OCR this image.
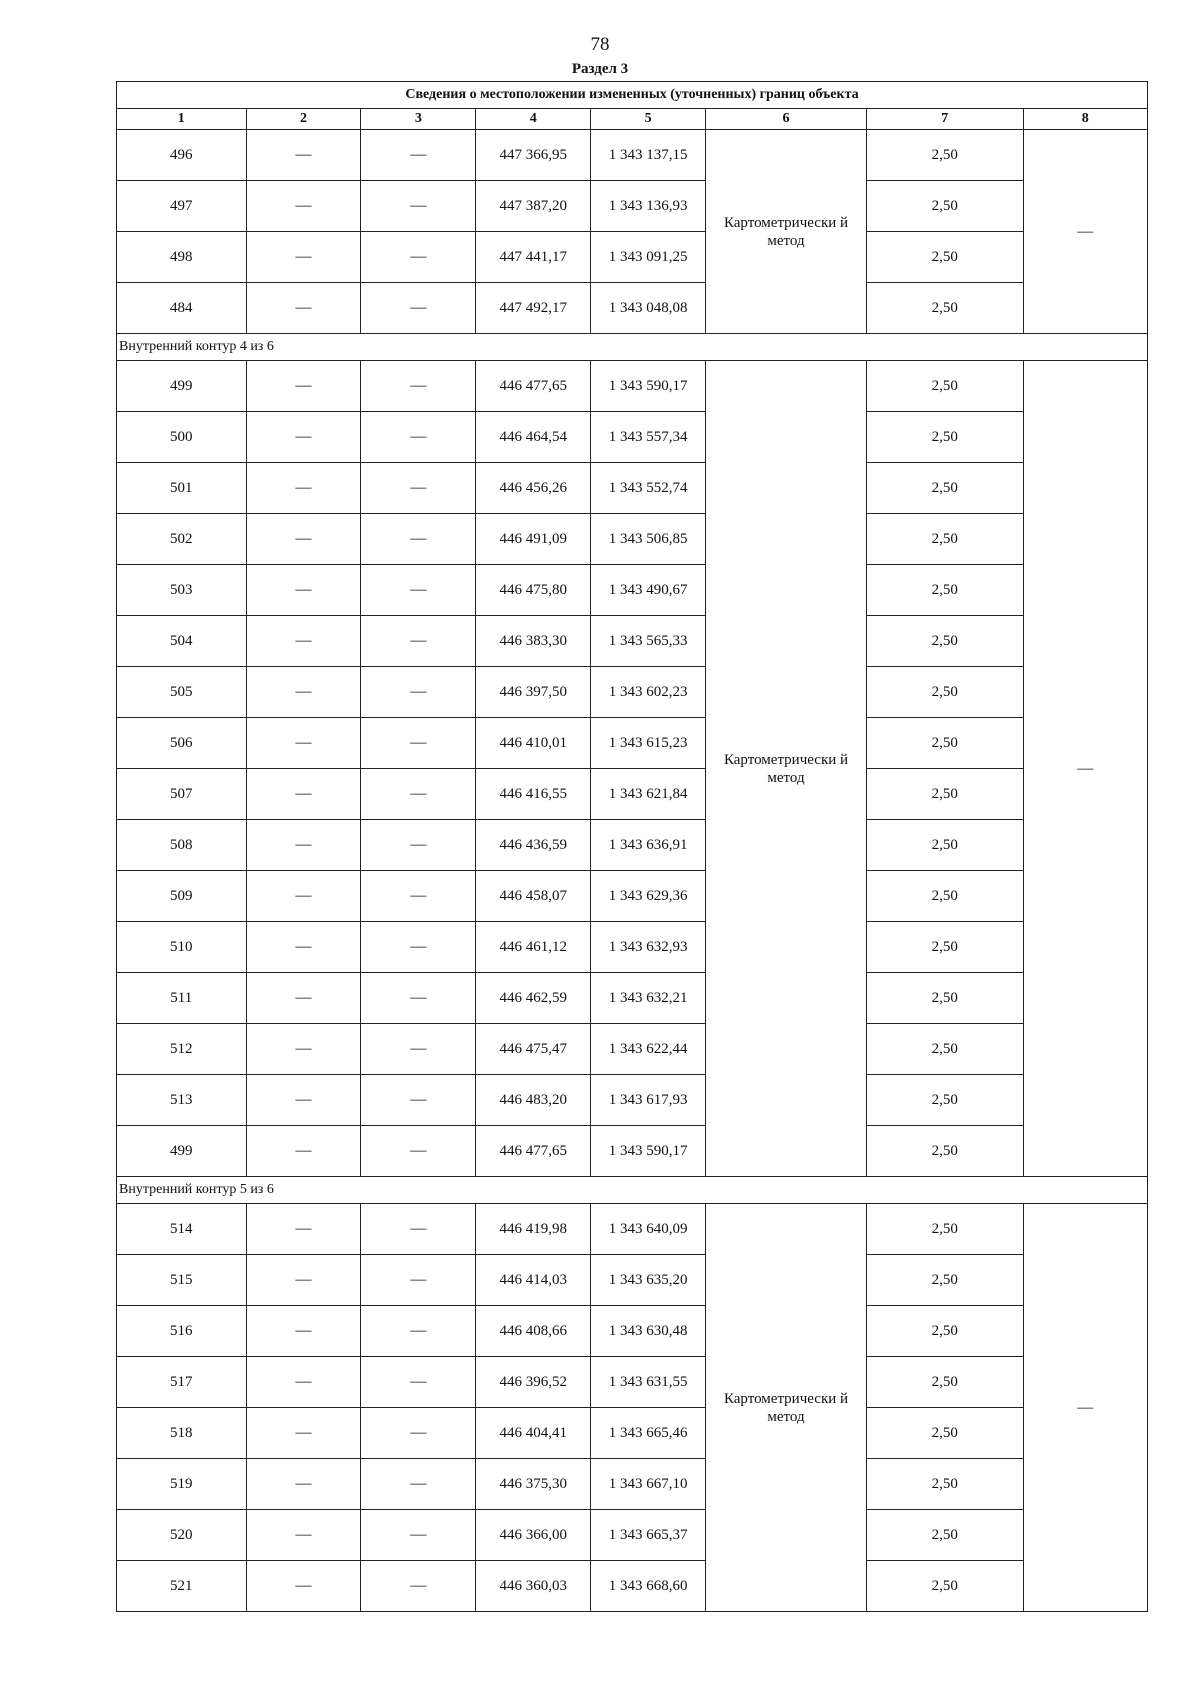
78
Раздел 3
Сведения о местоположении измененных (уточненных) границ объекта							
1	2	3	4	5	6	7	8
496	—	—	447 366,95	1 343 137,15	Картометрически й метод	2,50	—
497	—	—	447 387,20	1 343 136,93		2,50	
498	—	—	447 441,17	1 343 091,25		2,50	
484	—	—	447 492,17	1 343 048,08		2,50	
Внутренний контур 4 из 6							
499	—	—	446 477,65	1 343 590,17	Картометрически й метод	2,50	—
500	—	—	446 464,54	1 343 557,34		2,50	
501	—	—	446 456,26	1 343 552,74		2,50	
502	—	—	446 491,09	1 343 506,85		2,50	
503	—	—	446 475,80	1 343 490,67		2,50	
504	—	—	446 383,30	1 343 565,33		2,50	
505	—	—	446 397,50	1 343 602,23		2,50	
506	—	—	446 410,01	1 343 615,23		2,50	
507	—	—	446 416,55	1 343 621,84		2,50	
508	—	—	446 436,59	1 343 636,91		2,50	
509	—	—	446 458,07	1 343 629,36		2,50	
510	—	—	446 461,12	1 343 632,93		2,50	
511	—	—	446 462,59	1 343 632,21		2,50	
512	—	—	446 475,47	1 343 622,44		2,50	
513	—	—	446 483,20	1 343 617,93		2,50	
499	—	—	446 477,65	1 343 590,17		2,50	
Внутренний контур 5 из 6							
514	—	—	446 419,98	1 343 640,09	Картометрически й метод	2,50	—
515	—	—	446 414,03	1 343 635,20		2,50	
516	—	—	446 408,66	1 343 630,48		2,50	
517	—	—	446 396,52	1 343 631,55		2,50	
518	—	—	446 404,41	1 343 665,46		2,50	
519	—	—	446 375,30	1 343 667,10		2,50	
520	—	—	446 366,00	1 343 665,37		2,50	
521	—	—	446 360,03	1 343 668,60		2,50	
